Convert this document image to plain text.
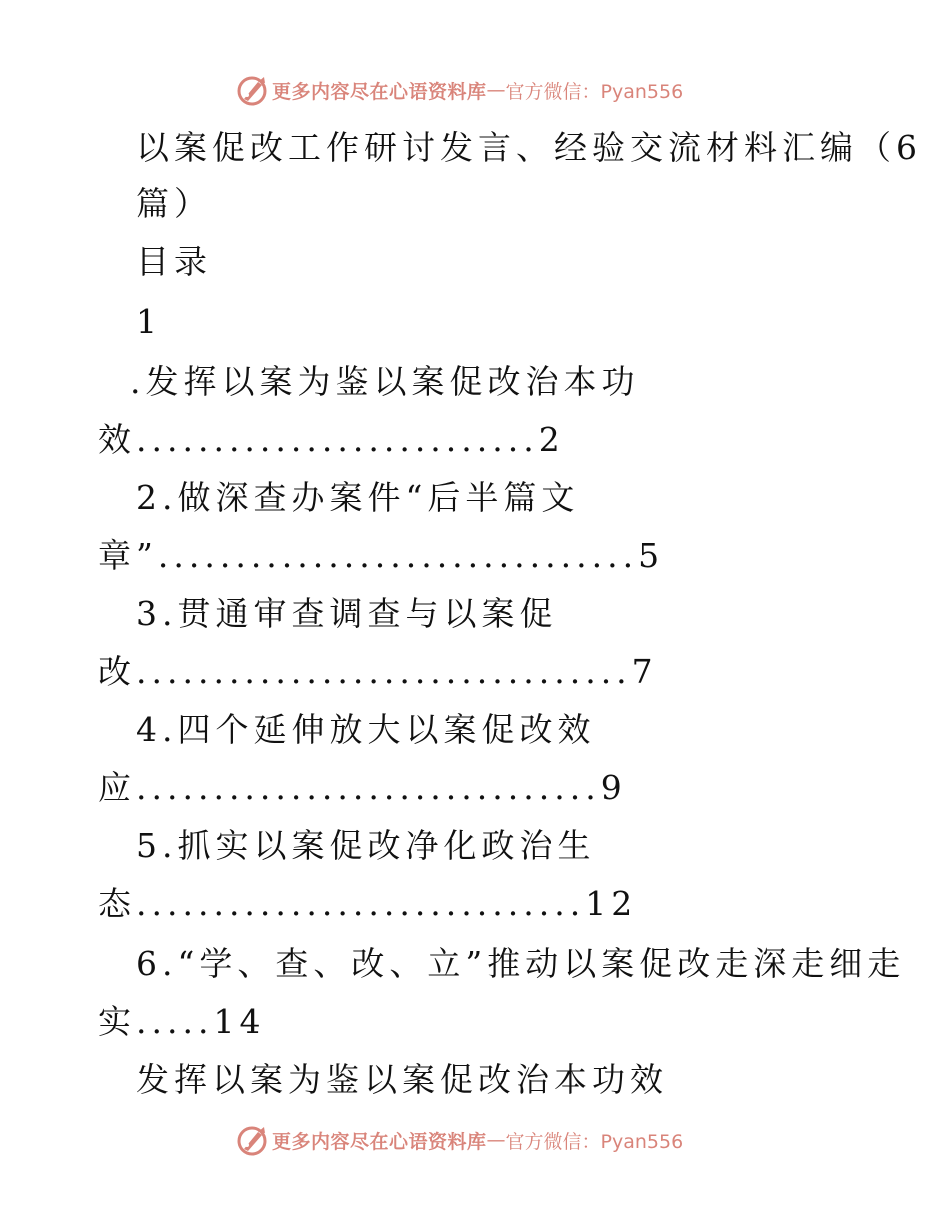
更多内容尽在心语资料库 — 官方微信：Pyan556
以案促改工作研讨发言、经验交流材料汇编（6
篇）
目录
1
.发挥以案为鉴以案促改治本功
效..........................2
2.做深查办案件“后半篇文
章”...............................5
3.贯通审查调查与以案促
改................................7
4.四个延伸放大以案促改效
应..............................9
5.抓实以案促改净化政治生
态.............................12
6.“学、查、改、立”推动以案促改走深走细走
实.....14
发挥以案为鉴以案促改治本功效
更多内容尽在心语资料库 — 官方微信：Pyan556
